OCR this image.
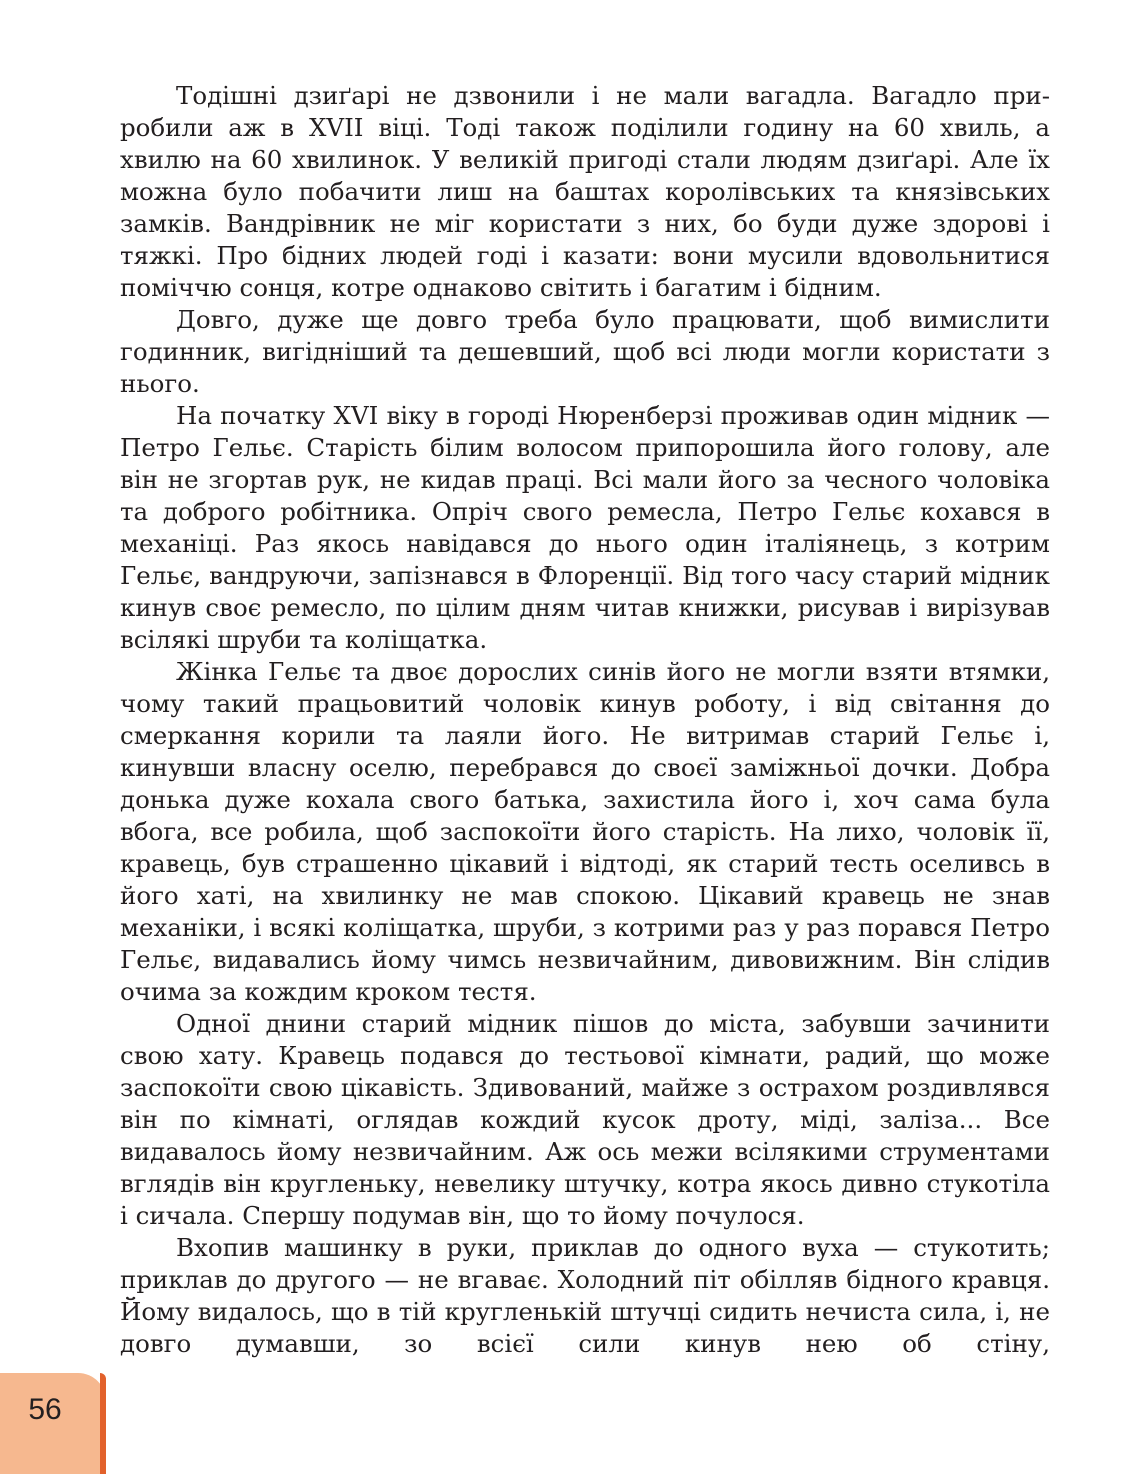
Тодішні дзиґарі не дзвонили і не мали вагадла. Вагадло приробили аж в XVII віці. Тоді також поділили годину на 60 хвиль, а хвилю на 60 хвилинок. У великій пригоді стали людям дзиґарі. Але їх можна було побачити лиш на баштах королівських та князівських замків. Вандрівник не міг користати з них, бо буди дуже здорові і тяжкі. Про бідних людей годі і казати: вони мусили вдовольнитися поміччю сонця, котре однаково світить і багатим і бідним.

Довго, дуже ще довго треба було працювати, щоб вимислити годинник, вигідніший та дешевший, щоб всі люди могли користати з нього.

На початку XVI віку в городі Нюренберзі проживав один мідник — Петро Гельє. Старість білим волосом припорошила його голову, але він не згортав рук, не кидав праці. Всі мали його за чесного чоловіка та доброго робітника. Опріч свого ремесла, Петро Гельє кохався в механіці. Раз якось навідався до нього один італіянець, з котрим Гельє, вандруючи, запізнався в Флоренції. Від того часу старий мідник кинув своє ремесло, по цілим дням читав книжки, рисував і вирізував всілякі шруби та коліщатка.

Жінка Гельє та двоє дорослих синів його не могли взяти втямки, чому такий працьовитий чоловік кинув роботу, і від світання до смеркання корили та лаяли його. Не витримав старий Гельє і, кинувши власну оселю, перебрався до своєї заміжньої дочки. Добра донька дуже кохала свого батька, захистила його і, хоч сама була вбога, все робила, щоб заспокоїти його старість. На лихо, чоловік її, кравець, був страшенно цікавий і відтоді, як старий тесть оселивсь в його хаті, на хвилинку не мав спокою. Цікавий кравець не знав механіки, і всякі коліщатка, шруби, з котрими раз у раз порався Петро Гельє, видавались йому чимсь незвичайним, дивовижним. Він слідив очима за кождим кроком тестя.

Одної днини старий мідник пішов до міста, забувши зачинити свою хату. Кравець подався до тестьової кімнати, радий, що може заспокоїти свою цікавість. Здивований, майже з острахом роздивлявся він по кімнаті, оглядав кождий кусок дроту, міді, заліза... Все видавалось йому незвичайним. Аж ось межи всілякими струментами вглядів він кругленьку, невелику штучку, котра якось дивно стукотіла і сичала. Спершу подумав він, що то йому почулося.

Вхопив машинку в руки, приклав до одного вуха — стукотить; приклав до другого — не вгаває. Холодний піт обілляв бідного кравця. Йому видалось, що в тій кругленькій штучці сидить нечиста сила, і, не довго думавши, зо всієї сили кинув нею об стіну,

56
